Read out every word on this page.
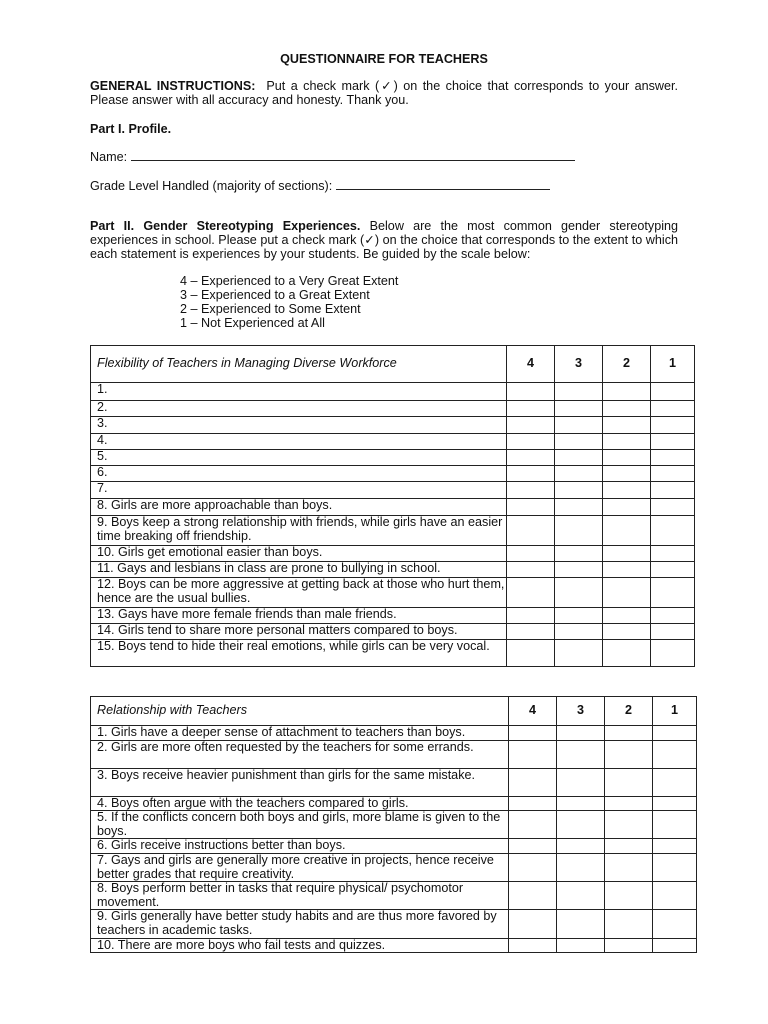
QUESTIONNAIRE FOR TEACHERS
GENERAL INSTRUCTIONS: Put a check mark (✓) on the choice that corresponds to your answer. Please answer with all accuracy and honesty. Thank you.
Part I. Profile.
Name:
Grade Level Handled (majority of sections):
Part II. Gender Stereotyping Experiences. Below are the most common gender stereotyping experiences in school. Please put a check mark (✓) on the choice that corresponds to the extent to which each statement is experiences by your students. Be guided by the scale below:
4 – Experienced to a Very Great Extent
3 – Experienced to a Great Extent
2 – Experienced to Some Extent
1 – Not Experienced at All
Flexibility of Teachers in Managing Diverse Workforce	4	3	2	1
1.				
2.				
3.				
4.				
5.				
6.				
7.				
8. Girls are more approachable than boys.				
9. Boys keep a strong relationship with friends, while girls have an easier time breaking off friendship.				
10. Girls get emotional easier than boys.				
11. Gays and lesbians in class are prone to bullying in school.				
12. Boys can be more aggressive at getting back at those who hurt them, hence are the usual bullies.				
13. Gays have more female friends than male friends.				
14. Girls tend to share more personal matters compared to boys.				
15. Boys tend to hide their real emotions, while girls can be very vocal.				
Relationship with Teachers	4	3	2	1
1. Girls have a deeper sense of attachment to teachers than boys.				
2. Girls are more often requested by the teachers for some errands.				
3. Boys receive heavier punishment than girls for the same mistake.				
4. Boys often argue with the teachers compared to girls.				
5. If the conflicts concern both boys and girls, more blame is given to the boys.				
6. Girls receive instructions better than boys.				
7. Gays and girls are generally more creative in projects, hence receive better grades that require creativity.				
8. Boys perform better in tasks that require physical/ psychomotor movement.				
9. Girls generally have better study habits and are thus more favored by teachers in academic tasks.				
10. There are more boys who fail tests and quizzes.				
